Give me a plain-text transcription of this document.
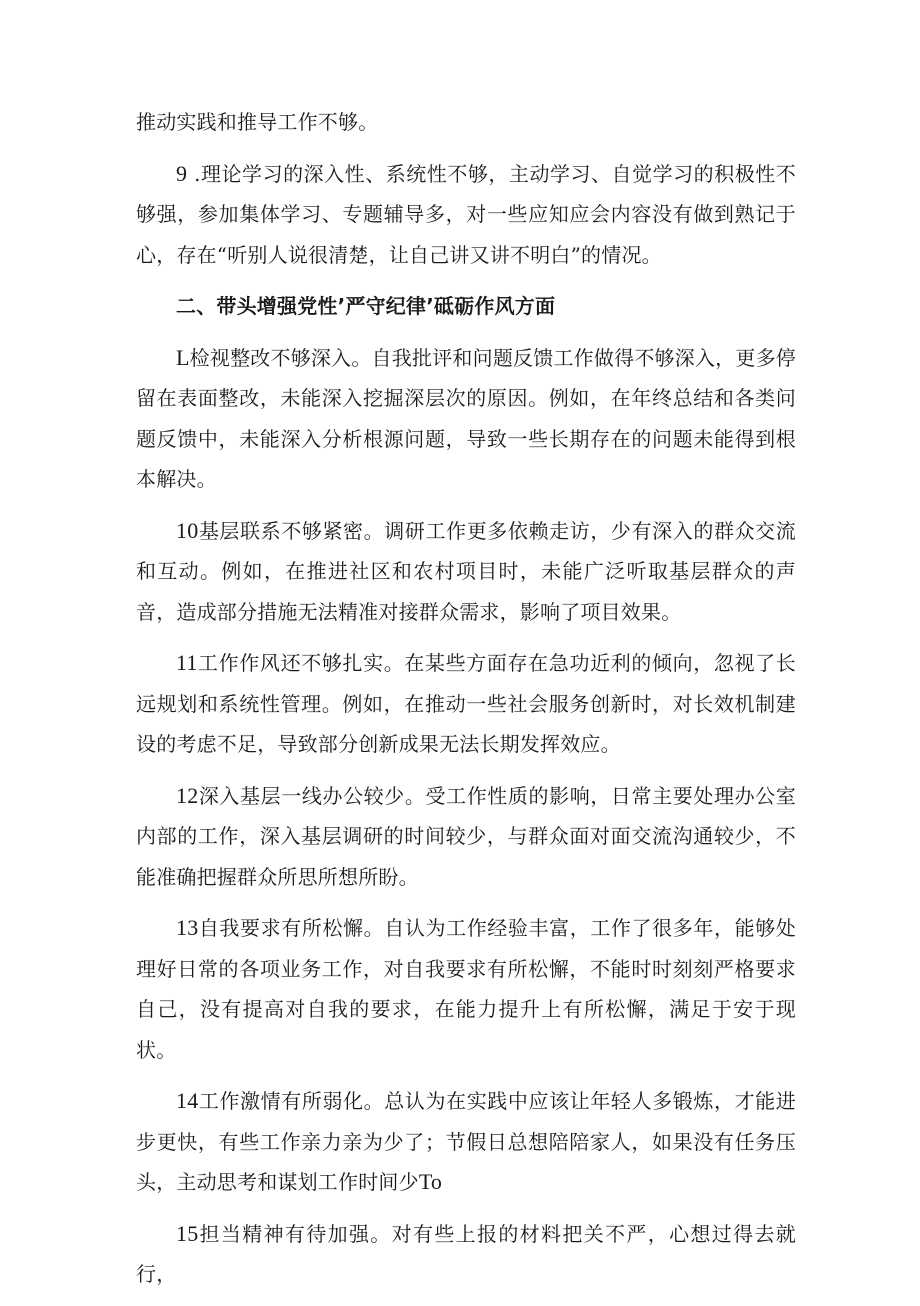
推动实践和推导工作不够。

9 .理论学习的深入性、系统性不够，主动学习、自觉学习的积极性不够强，参加集体学习、专题辅导多，对一些应知应会内容没有做到熟记于心，存在“听别人说很清楚，让自己讲又讲不明白”的情况。

二、带头增强党性’严守纪律’砥砺作风方面

L检视整改不够深入。自我批评和问题反馈工作做得不够深入，更多停留在表面整改，未能深入挖掘深层次的原因。例如，在年终总结和各类问题反馈中，未能深入分析根源问题，导致一些长期存在的问题未能得到根本解决。

10基层联系不够紧密。调研工作更多依赖走访，少有深入的群众交流和互动。例如，在推进社区和农村项目时，未能广泛听取基层群众的声音，造成部分措施无法精准对接群众需求，影响了项目效果。

11工作作风还不够扎实。在某些方面存在急功近利的倾向，忽视了长远规划和系统性管理。例如，在推动一些社会服务创新时，对长效机制建设的考虑不足，导致部分创新成果无法长期发挥效应。

12深入基层一线办公较少。受工作性质的影响，日常主要处理办公室内部的工作，深入基层调研的时间较少，与群众面对面交流沟通较少，不能准确把握群众所思所想所盼。

13自我要求有所松懈。自认为工作经验丰富，工作了很多年，能够处理好日常的各项业务工作，对自我要求有所松懈，不能时时刻刻严格要求自己，没有提高对自我的要求，在能力提升上有所松懈，满足于安于现状。

14工作激情有所弱化。总认为在实践中应该让年轻人多锻炼，才能进步更快，有些工作亲力亲为少了；节假日总想陪陪家人，如果没有任务压头，主动思考和谋划工作时间少To

15担当精神有待加强。对有些上报的材料把关不严，心想过得去就行，
